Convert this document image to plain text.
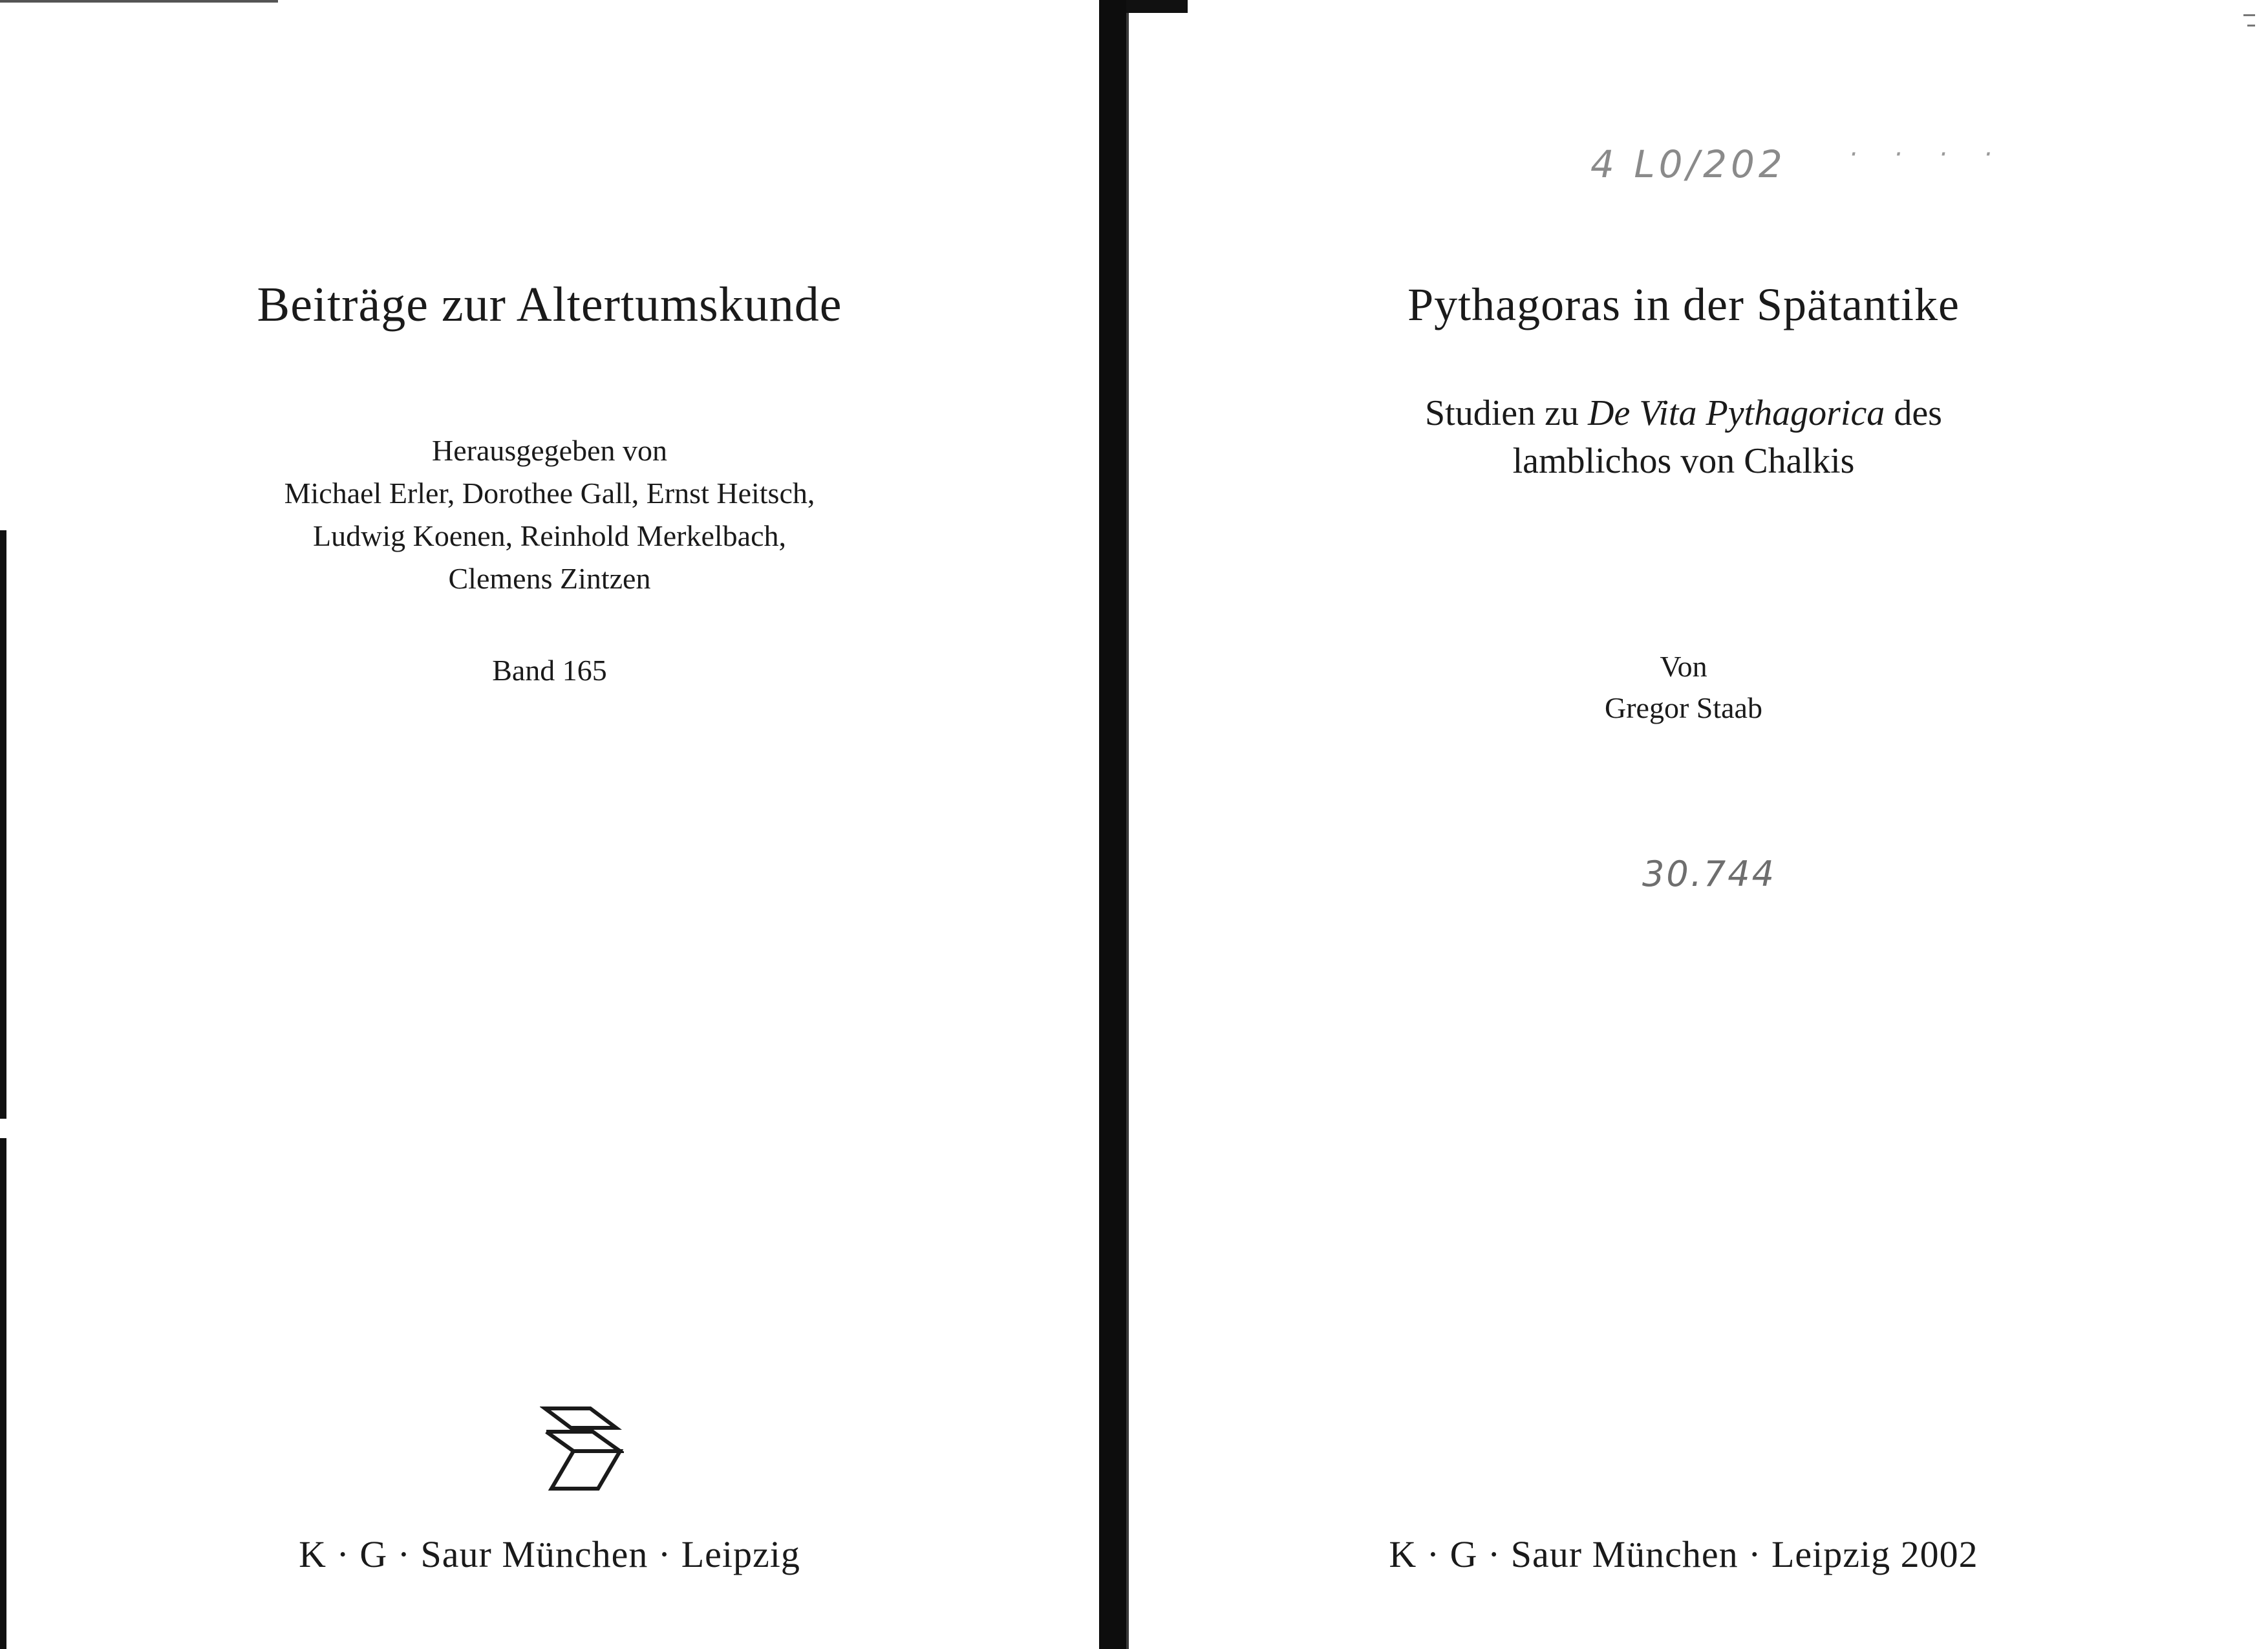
Beiträge zur Altertumskunde
Herausgegeben von
Michael Erler, Dorothee Gall, Ernst Heitsch,
Ludwig Koenen, Reinhold Merkelbach,
Clemens Zintzen
Band 165
K · G · Saur München · Leipzig
Pythagoras in der Spätantike
Studien zu De Vita Pythagorica des
lamblichos von Chalkis
Von
Gregor Staab
K · G · Saur München · Leipzig 2002
4 L0/202 · · · ·
30.744
